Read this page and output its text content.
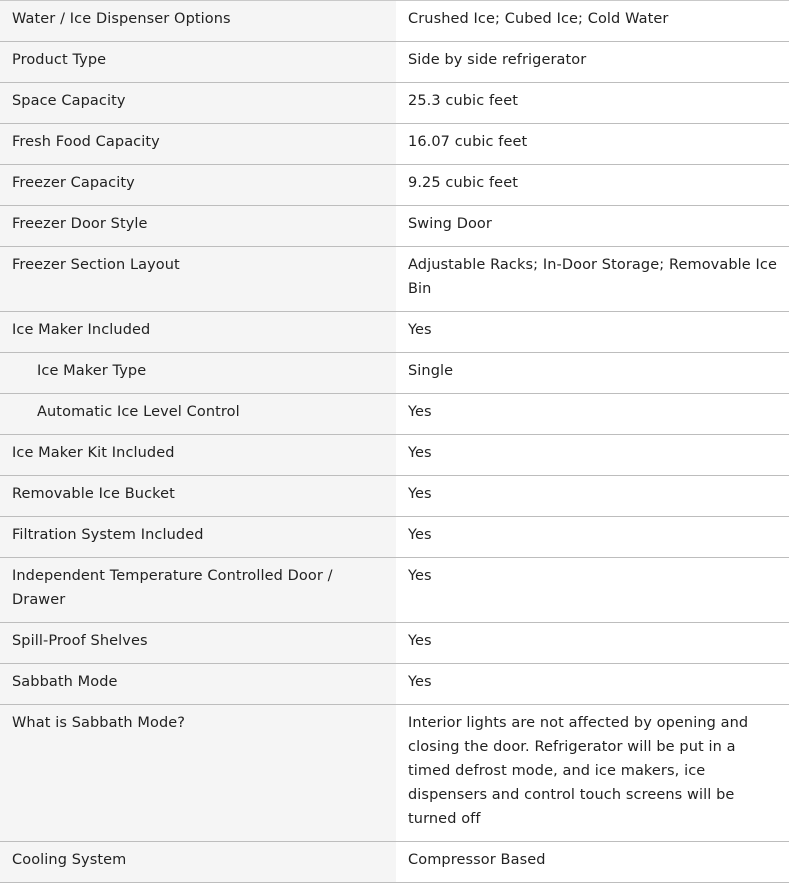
Water / Ice Dispenser Options	Crushed Ice; Cubed Ice; Cold Water
Product Type	Side by side refrigerator
Space Capacity	25.3 cubic feet
Fresh Food Capacity	16.07 cubic feet
Freezer Capacity	9.25 cubic feet
Freezer Door Style	Swing Door
Freezer Section Layout	Adjustable Racks; In-Door Storage; Removable Ice Bin
Ice Maker Included	Yes
Ice Maker Type	Single
Automatic Ice Level Control	Yes
Ice Maker Kit Included	Yes
Removable Ice Bucket	Yes
Filtration System Included	Yes
Independent Temperature Controlled Door / Drawer	Yes
Spill-Proof Shelves	Yes
Sabbath Mode	Yes
What is Sabbath Mode?	Interior lights are not affected by opening and closing the door. Refrigerator will be put in a timed defrost mode, and ice makers, ice dispensers and control touch screens will be turned off
Cooling System	Compressor Based
